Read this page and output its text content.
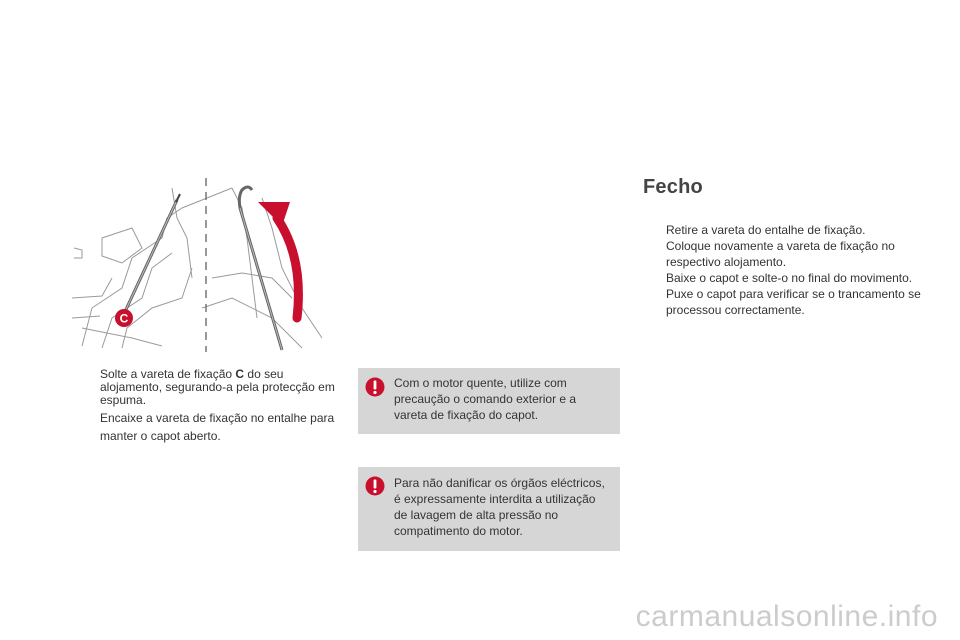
C
Solte a vareta de fixação C do seu alojamento, segurando-a pela protecção em espuma.
Encaixe a vareta de fixação no entalhe para manter o capot aberto.
Com o motor quente, utilize com precaução o comando exterior e a vareta de fixação do capot.
Para não danificar os órgãos eléctricos, é expressamente interdita a utilização de lavagem de alta pressão no compatimento do motor.
Fecho
Retire a vareta do entalhe de fixação.
Coloque novamente a vareta de fixação no respectivo alojamento.
Baixe o capot e solte-o no final do movimento.
Puxe o capot para verificar se o trancamento se processou correctamente.
carmanualsonline.info
